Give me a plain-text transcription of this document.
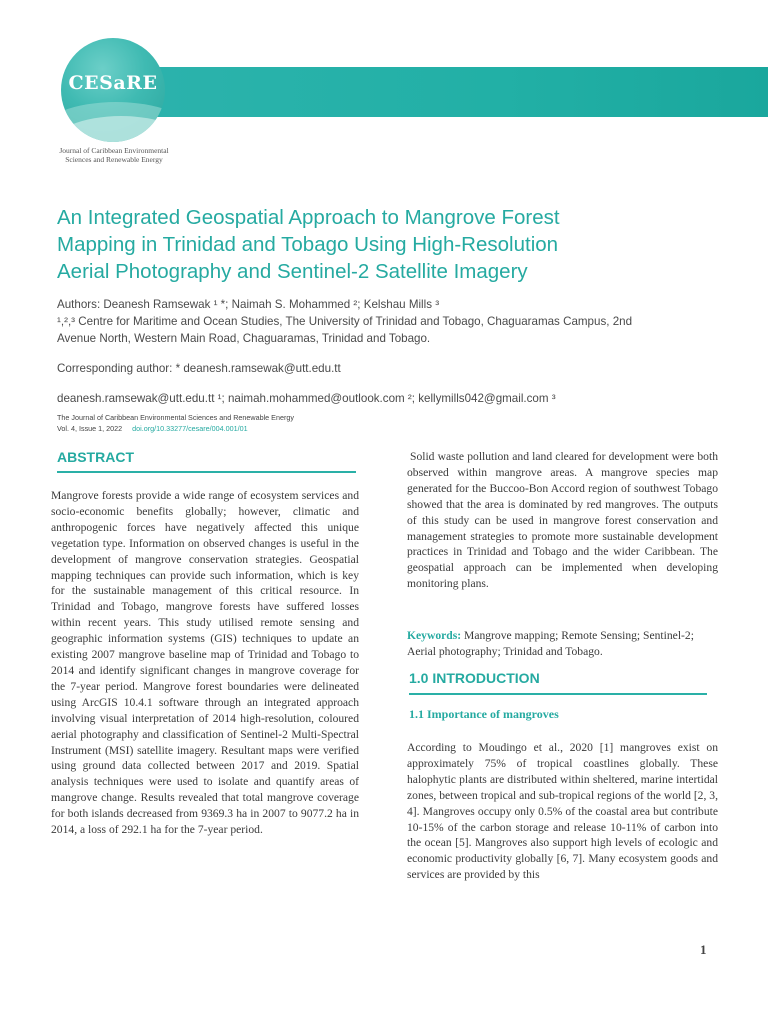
CESaRE
Journal of Caribbean Environmental
Sciences and Renewable Energy
An Integrated Geospatial Approach to Mangrove Forest
Mapping in Trinidad and Tobago Using High-Resolution
Aerial Photography and Sentinel-2 Satellite Imagery
Authors: Deanesh Ramsewak ¹ *; Naimah S. Mohammed ²; Kelshau Mills ³
¹,²,³ Centre for Maritime and Ocean Studies, The University of Trinidad and Tobago, Chaguaramas Campus, 2nd
Avenue North, Western Main Road, Chaguaramas, Trinidad and Tobago.
Corresponding author: * deanesh.ramsewak@utt.edu.tt
deanesh.ramsewak@utt.edu.tt ¹; naimah.mohammed@outlook.com ²; kellymills042@gmail.com ³
The Journal of Caribbean Environmental Sciences and Renewable Energy
Vol. 4, Issue 1, 2022 doi.org/10.33277/cesare/004.001/01
ABSTRACT

Mangrove forests provide a wide range of ecosystem services and socio-economic benefits globally; however, climatic and anthropogenic forces have negatively affected this unique vegetation type. Information on observed changes is useful in the development of mangrove conservation strategies. Geospatial mapping techniques can provide such information, which is key for the sustainable management of this critical resource. In Trinidad and Tobago, mangrove forests have suffered losses within recent years. This study utilised remote sensing and geographic information systems (GIS) techniques to update an existing 2007 mangrove baseline map of Trinidad and Tobago to 2014 and identify significant changes in mangrove coverage for the 7-year period. Mangrove forest boundaries were delineated using ArcGIS 10.4.1 software through an integrated approach involving visual interpretation of 2014 high-resolution, coloured aerial photography and classification of Sentinel-2 Multi-Spectral Instrument (MSI) satellite imagery. Resultant maps were verified using ground data collected between 2017 and 2019. Spatial analysis techniques were used to isolate and quantify areas of mangrove change. Results revealed that total mangrove coverage for both islands decreased from 9369.3 ha in 2007 to 9077.2 ha in 2014, a loss of 292.1 ha for the 7-year period.

Solid waste pollution and land cleared for development were both observed within mangrove areas. A mangrove species map generated for the Buccoo-Bon Accord region of southwest Tobago showed that the area is dominated by red mangroves. The outputs of this study can be used in mangrove forest conservation and management strategies to promote more sustainable development practices in Trinidad and Tobago and the wider Caribbean. The geospatial approach can be implemented when developing monitoring plans.

Keywords: Mangrove mapping; Remote Sensing; Sentinel-2; Aerial photography; Trinidad and Tobago.

1.0 INTRODUCTION
1.1 Importance of mangroves

According to Moudingo et al., 2020 [1] mangroves exist on approximately 75% of tropical coastlines globally. These halophytic plants are distributed within sheltered, marine intertidal zones, between tropical and sub-tropical regions of the world [2, 3, 4]. Mangroves occupy only 0.5% of the coastal area but contribute 10-15% of the carbon storage and release 10-11% of carbon into the ocean [5]. Mangroves also support high levels of ecologic and economic productivity globally [6, 7]. Many ecosystem goods and services are provided by this

1
